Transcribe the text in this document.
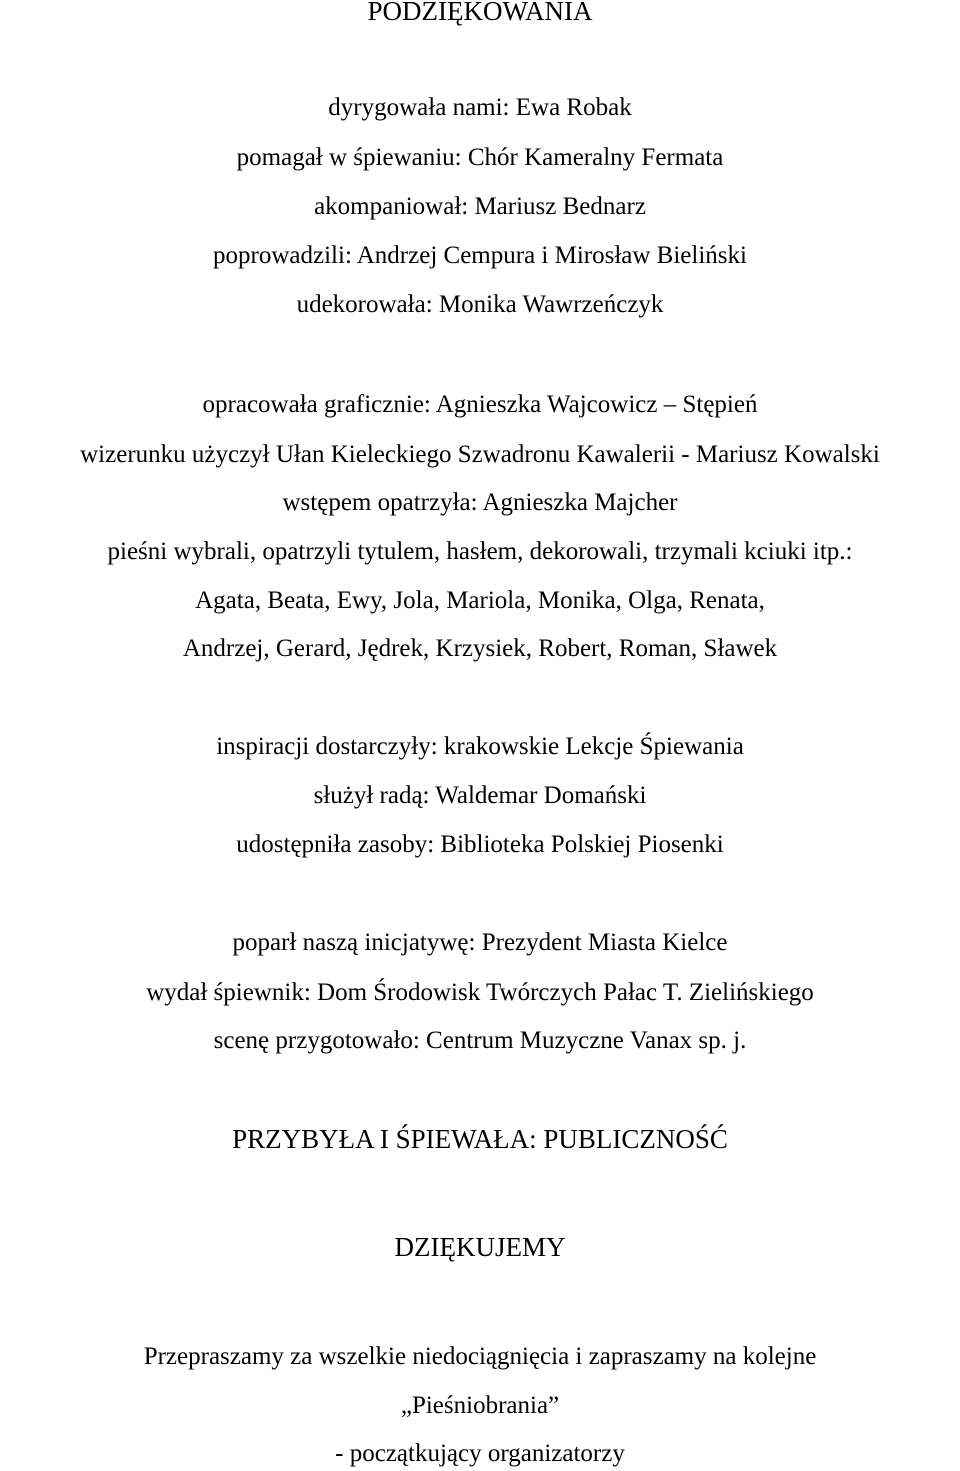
PODZIĘKOWANIA
dyrygowała nami: Ewa Robak
pomagał w śpiewaniu: Chór Kameralny Fermata
akompaniował: Mariusz Bednarz
poprowadzili: Andrzej Cempura i Mirosław Bieliński
udekorowała: Monika Wawrzeńczyk
opracowała graficznie: Agnieszka Wajcowicz – Stępień
wizerunku użyczył Ułan Kieleckiego Szwadronu Kawalerii - Mariusz Kowalski
wstępem opatrzyła: Agnieszka Majcher
pieśni wybrali, opatrzyli tytulem, hasłem, dekorowali, trzymali kciuki itp.:
Agata, Beata, Ewy, Jola, Mariola, Monika, Olga, Renata,
Andrzej, Gerard, Jędrek, Krzysiek, Robert, Roman, Sławek
inspiracji dostarczyły: krakowskie Lekcje Śpiewania
służył radą: Waldemar Domański
udostępniła zasoby: Biblioteka Polskiej Piosenki
poparł naszą inicjatywę: Prezydent Miasta Kielce
wydał śpiewnik: Dom Środowisk Twórczych Pałac T. Zielińskiego
scenę przygotowało: Centrum Muzyczne Vanax sp. j.
PRZYBYŁA I ŚPIEWAŁA: PUBLICZNOŚĆ
DZIĘKUJEMY
Przepraszamy za wszelkie niedociągnięcia i zapraszamy na kolejne
„Pieśniobrania”
- początkujący organizatorzy
